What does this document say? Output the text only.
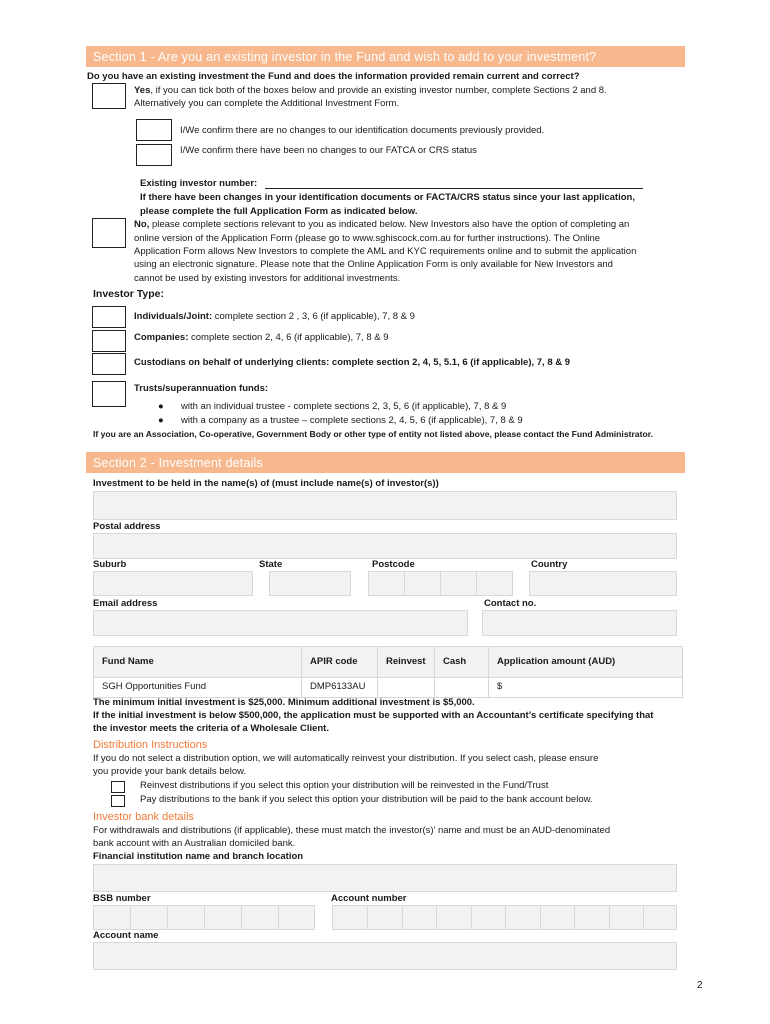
Section 1 - Are you an existing investor in the Fund and wish to add to your investment?
Do you have an existing investment the Fund and does the information provided remain current and correct?
Yes, if you can tick both of the boxes below and provide an existing investor number, complete Sections 2 and 8.
Alternatively you can complete the Additional Investment Form.
I/We confirm there are no changes to our identification documents previously provided.
I/We confirm there have been no changes to our FATCA or CRS status
Existing investor number:
If there have been changes in your identification documents or FACTA/CRS status since your last application,
please complete the full Application Form as indicated below.
No, please complete sections relevant to you as indicated below. New Investors also have the option of completing an
online version of the Application Form (please go to www.sghiscock.com.au for further instructions). The Online
Application Form allows New Investors to complete the AML and KYC requirements online and to submit the application
using an electronic signature. Please note that the Online Application Form is only available for New Investors and
cannot be used by existing investors for additional investments.
Investor Type:
Individuals/Joint: complete section 2 , 3, 6 (if applicable), 7, 8 & 9
Companies: complete section 2, 4, 6 (if applicable), 7, 8 & 9
Custodians on behalf of underlying clients: complete section 2, 4, 5, 5.1, 6 (if applicable), 7, 8 & 9
Trusts/superannuation funds:
● with an individual trustee - complete sections 2, 3, 5, 6 (if applicable), 7, 8 & 9
● with a company as a trustee – complete sections 2, 4, 5, 6 (if applicable), 7, 8 & 9
If you are an Association, Co-operative, Government Body or other type of entity not listed above, please contact the Fund Administrator.
Section 2 - Investment details
Investment to be held in the name(s) of (must include name(s) of investor(s))
Postal address
Suburb	State	Postcode	Country
Email address	Contact no.
Fund Name	APIR code	Reinvest	Cash	Application amount (AUD)
SGH Opportunities Fund	DMP6133AU			$
The minimum initial investment is $25,000. Minimum additional investment is $5,000.
If the initial investment is below $500,000, the application must be supported with an Accountant’s certificate specifying that
the investor meets the criteria of a Wholesale Client.
Distribution Instructions
If you do not select a distribution option, we will automatically reinvest your distribution. If you select cash, please ensure
you provide your bank details below.
Reinvest distributions if you select this option your distribution will be reinvested in the Fund/Trust
Pay distributions to the bank if you select this option your distribution will be paid to the bank account below.
Investor bank details
For withdrawals and distributions (if applicable), these must match the investor(s)’ name and must be an AUD-denominated
bank account with an Australian domiciled bank.
Financial institution name and branch location
BSB number	Account number
Account name
2
